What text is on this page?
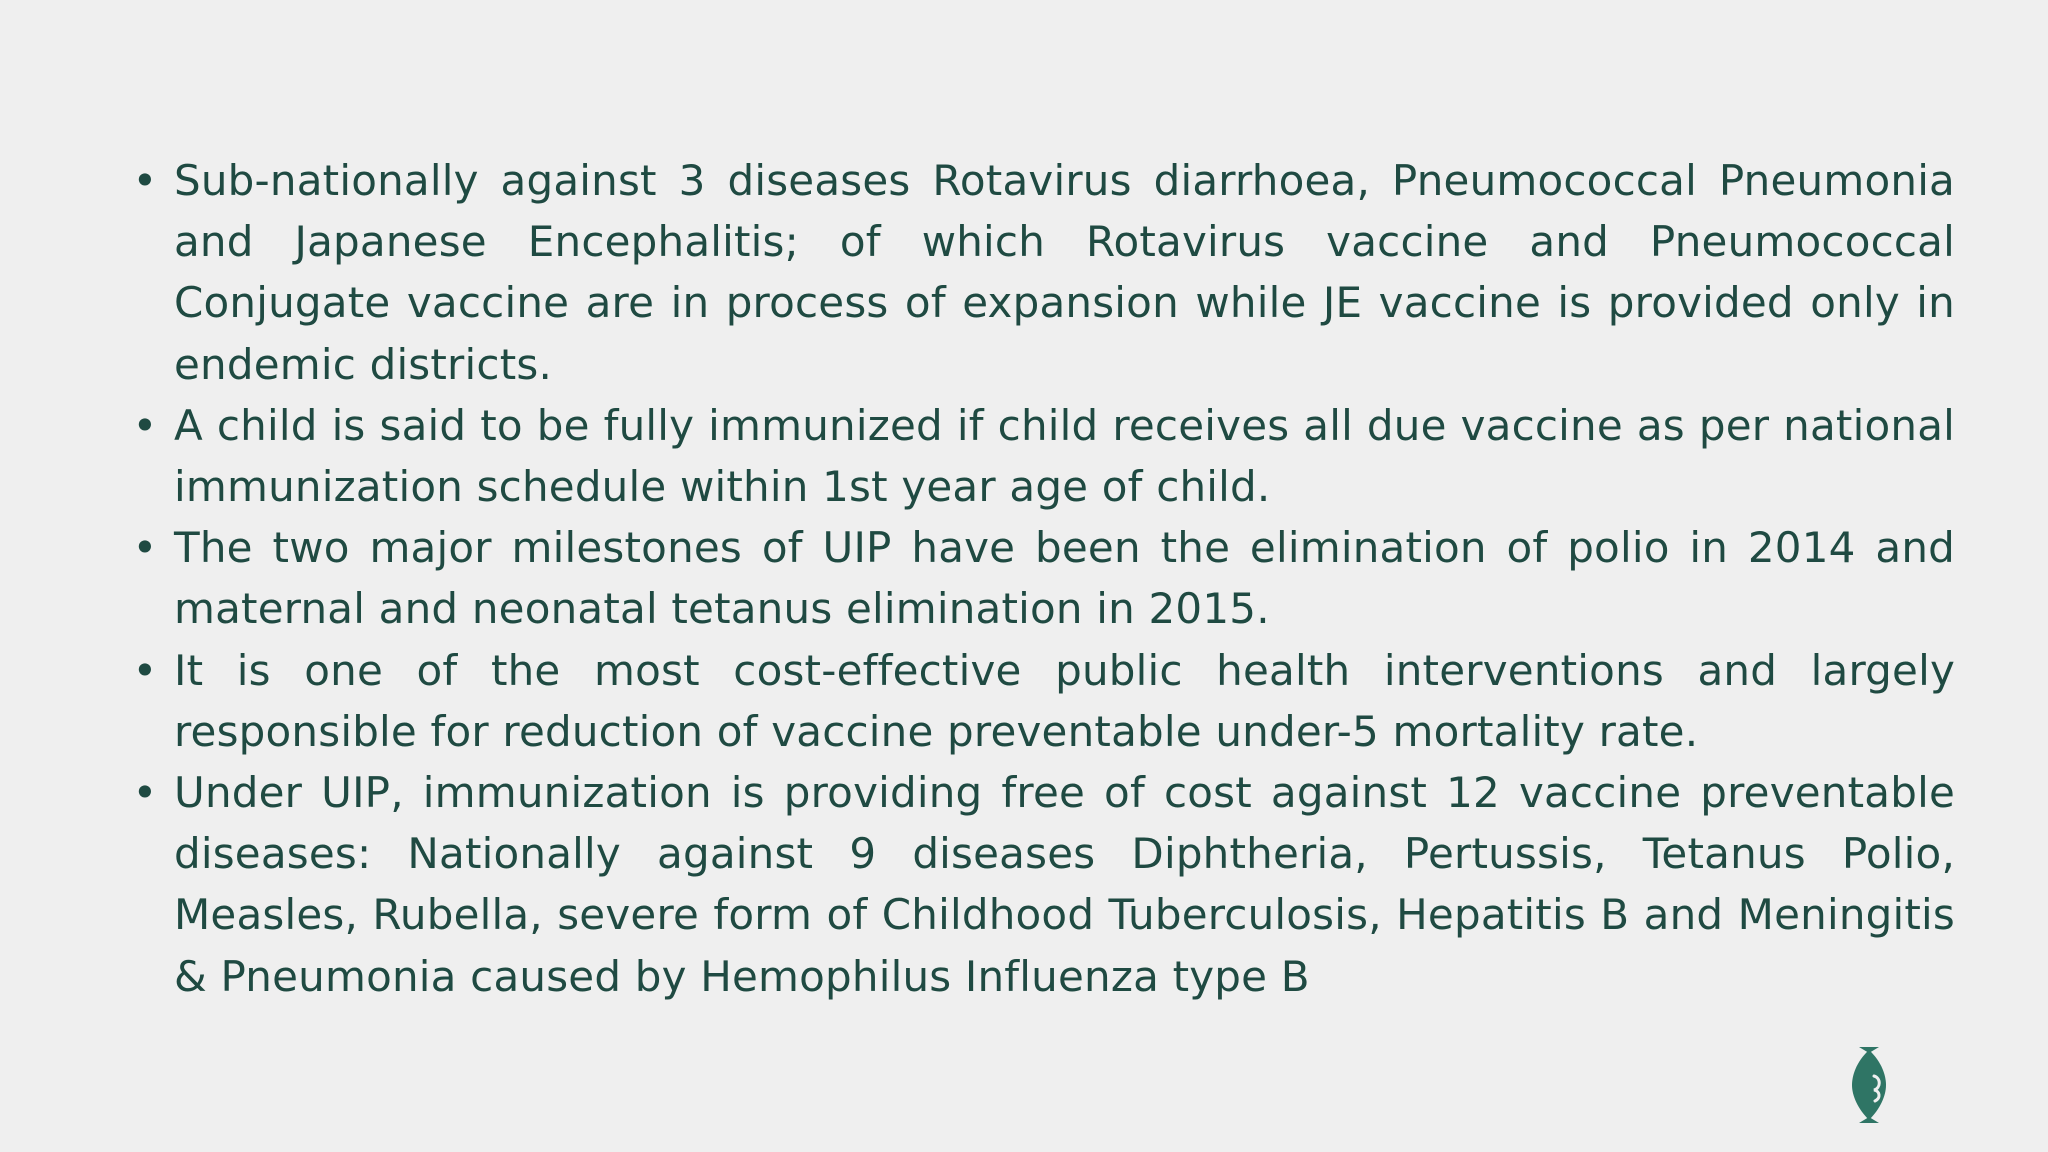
• Sub-nationally against 3 diseases Rotavirus diarrhoea, Pneumococcal Pneumonia and Japanese Encephalitis; of which Rotavirus vaccine and Pneumococcal Conjugate vaccine are in process of expansion while JE vaccine is provided only in endemic districts.
• A child is said to be fully immunized if child receives all due vaccine as per national immunization schedule within 1st year age of child.
• The two major milestones of UIP have been the elimination of polio in 2014 and maternal and neonatal tetanus elimination in 2015.
• It is one of the most cost-effective public health interventions and largely responsible for reduction of vaccine preventable under-5 mortality rate.
• Under UIP, immunization is providing free of cost against 12 vaccine preventable diseases: Nationally against 9 diseases Diphtheria, Pertussis, Tetanus Polio, Measles, Rubella, severe form of Childhood Tuberculosis, Hepatitis B and Meningitis & Pneumonia caused by Hemophilus Influenza type B
